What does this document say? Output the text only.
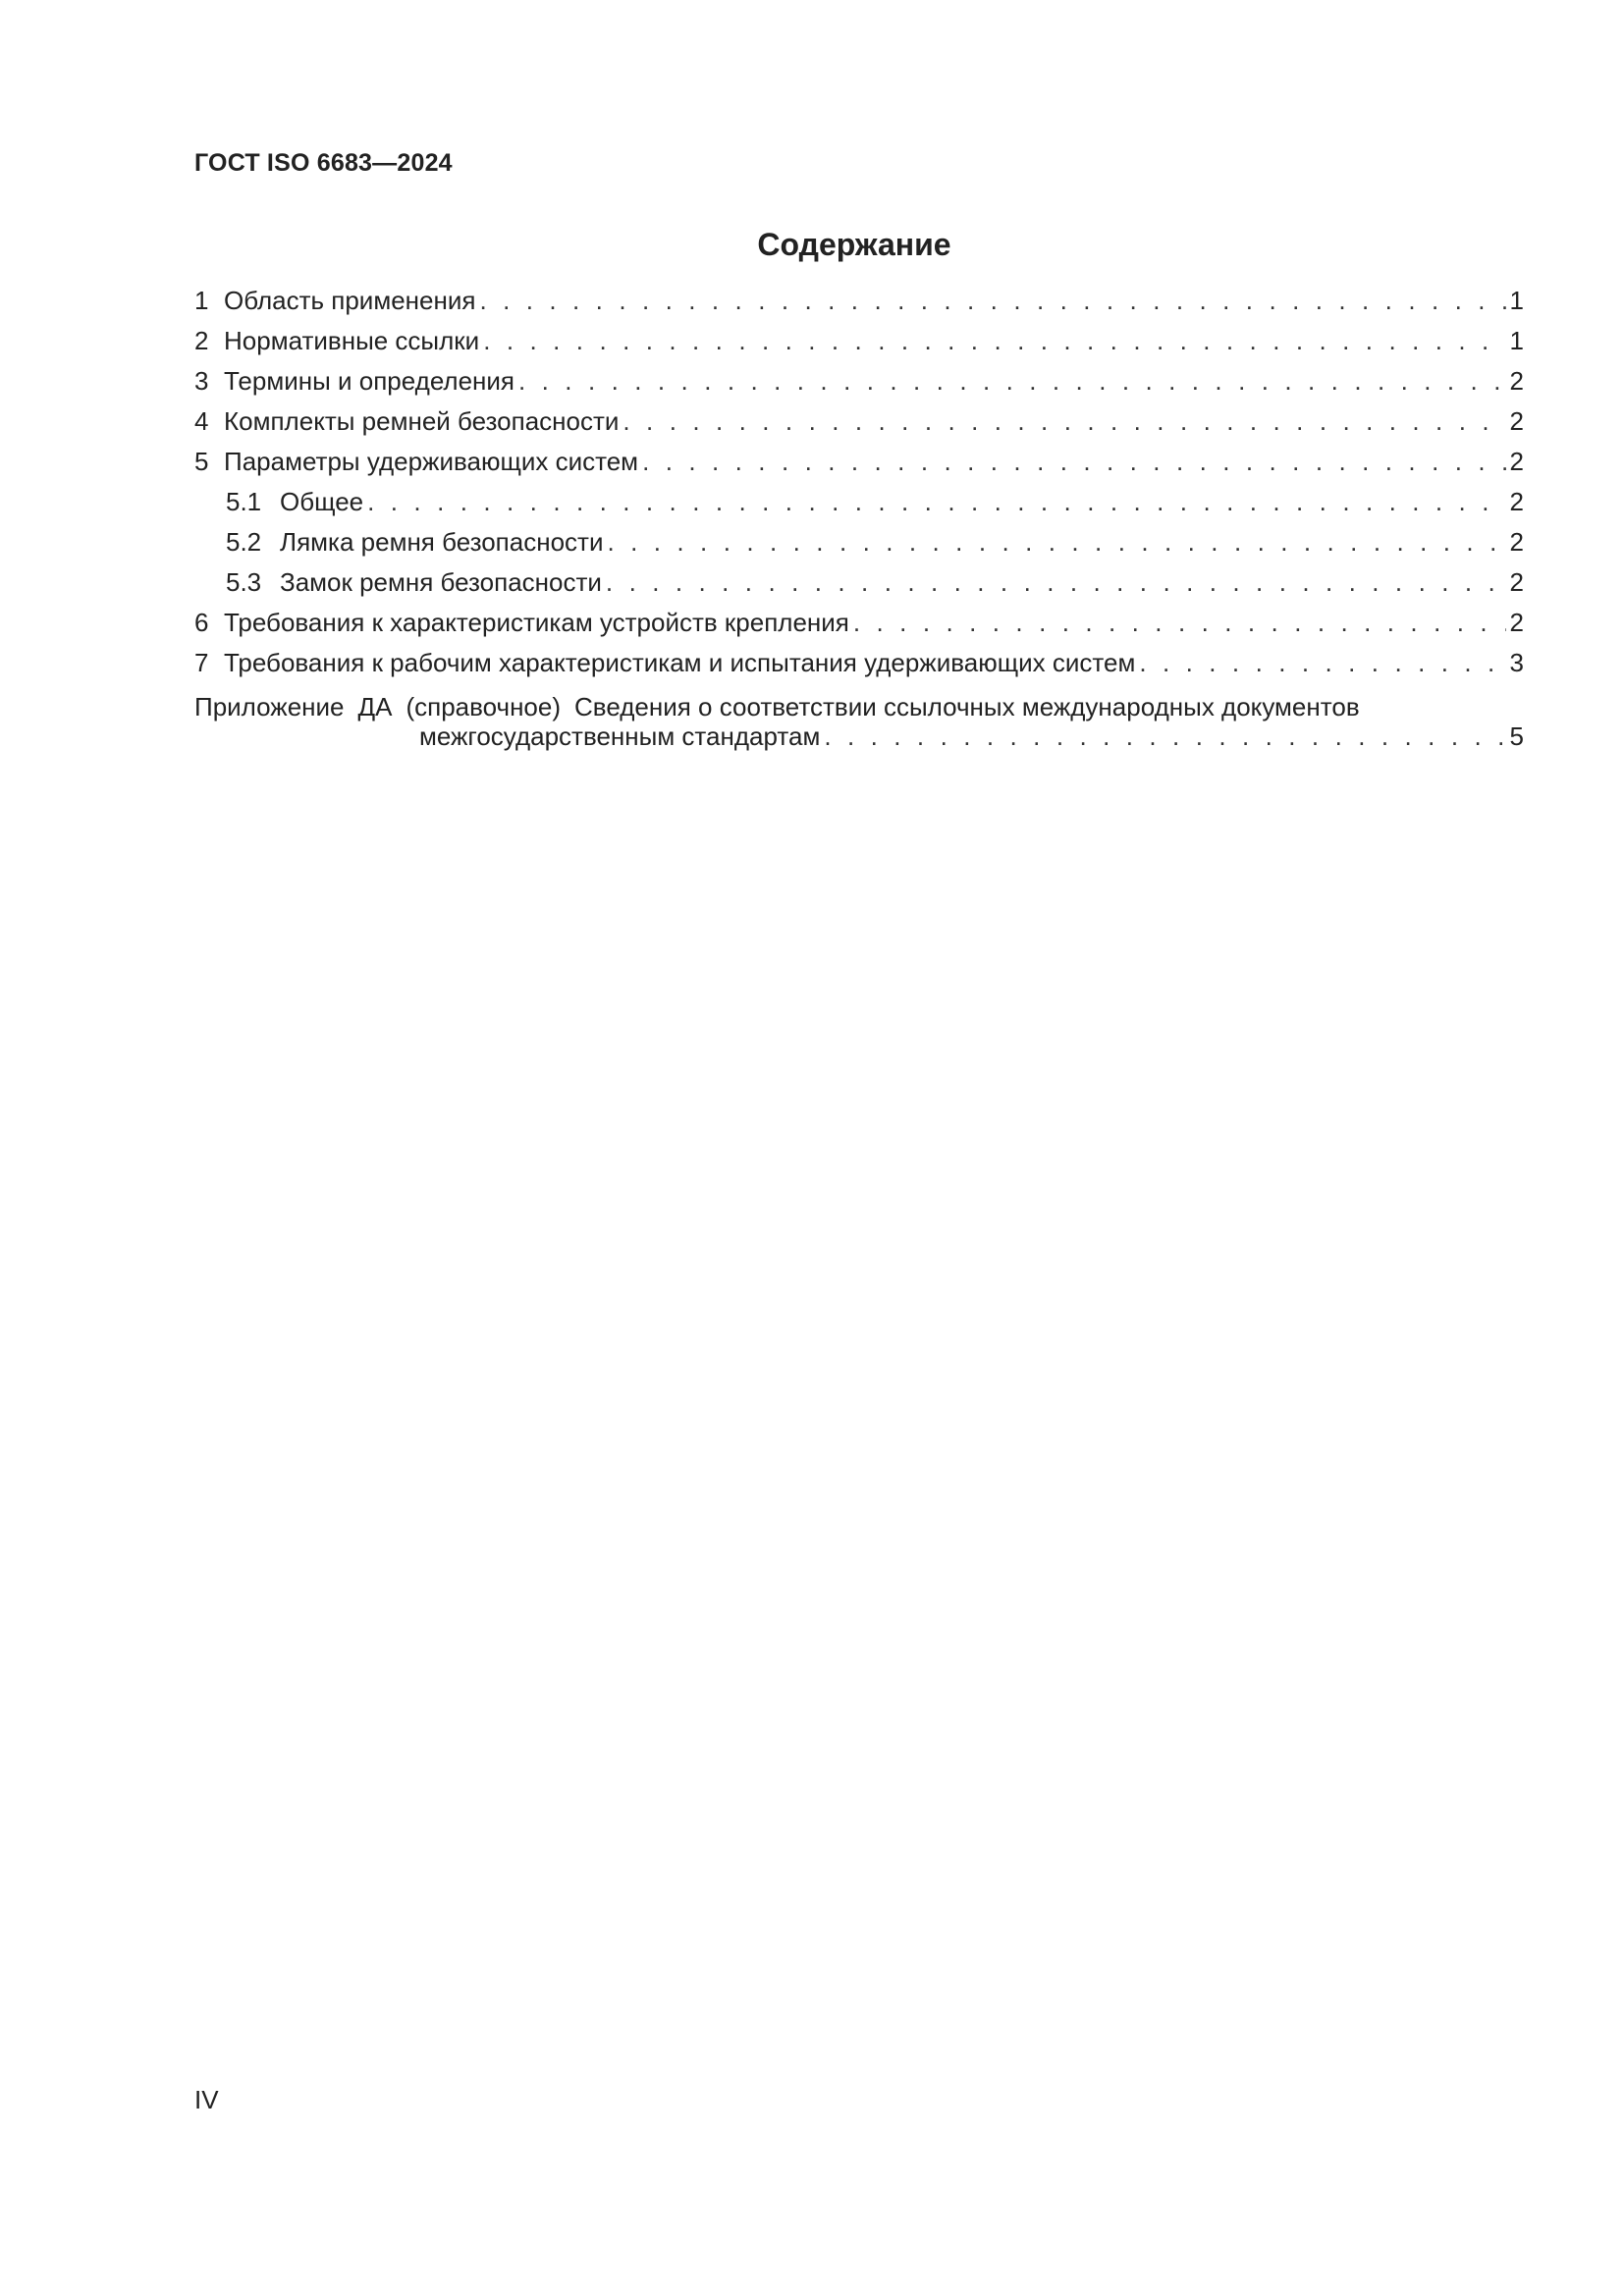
ГОСТ ISO 6683—2024
Содержание
1 Область применения . . .	1
2 Нормативные ссылки . . .	1
3 Термины и определения . . .	2
4 Комплекты ремней безопасности . . .	2
5 Параметры удерживающих систем . . .	2
5.1 Общее . . .	2
5.2 Лямка ремня безопасности . . .	2
5.3 Замок ремня безопасности . . .	2
6 Требования к характеристикам устройств крепления . . .	2
7 Требования к рабочим характеристикам и испытания удерживающих систем . . .	3
Приложение ДА (справочное) Сведения о соответствии ссылочных международных документов
межгосударственным стандартам . . .	5
IV
